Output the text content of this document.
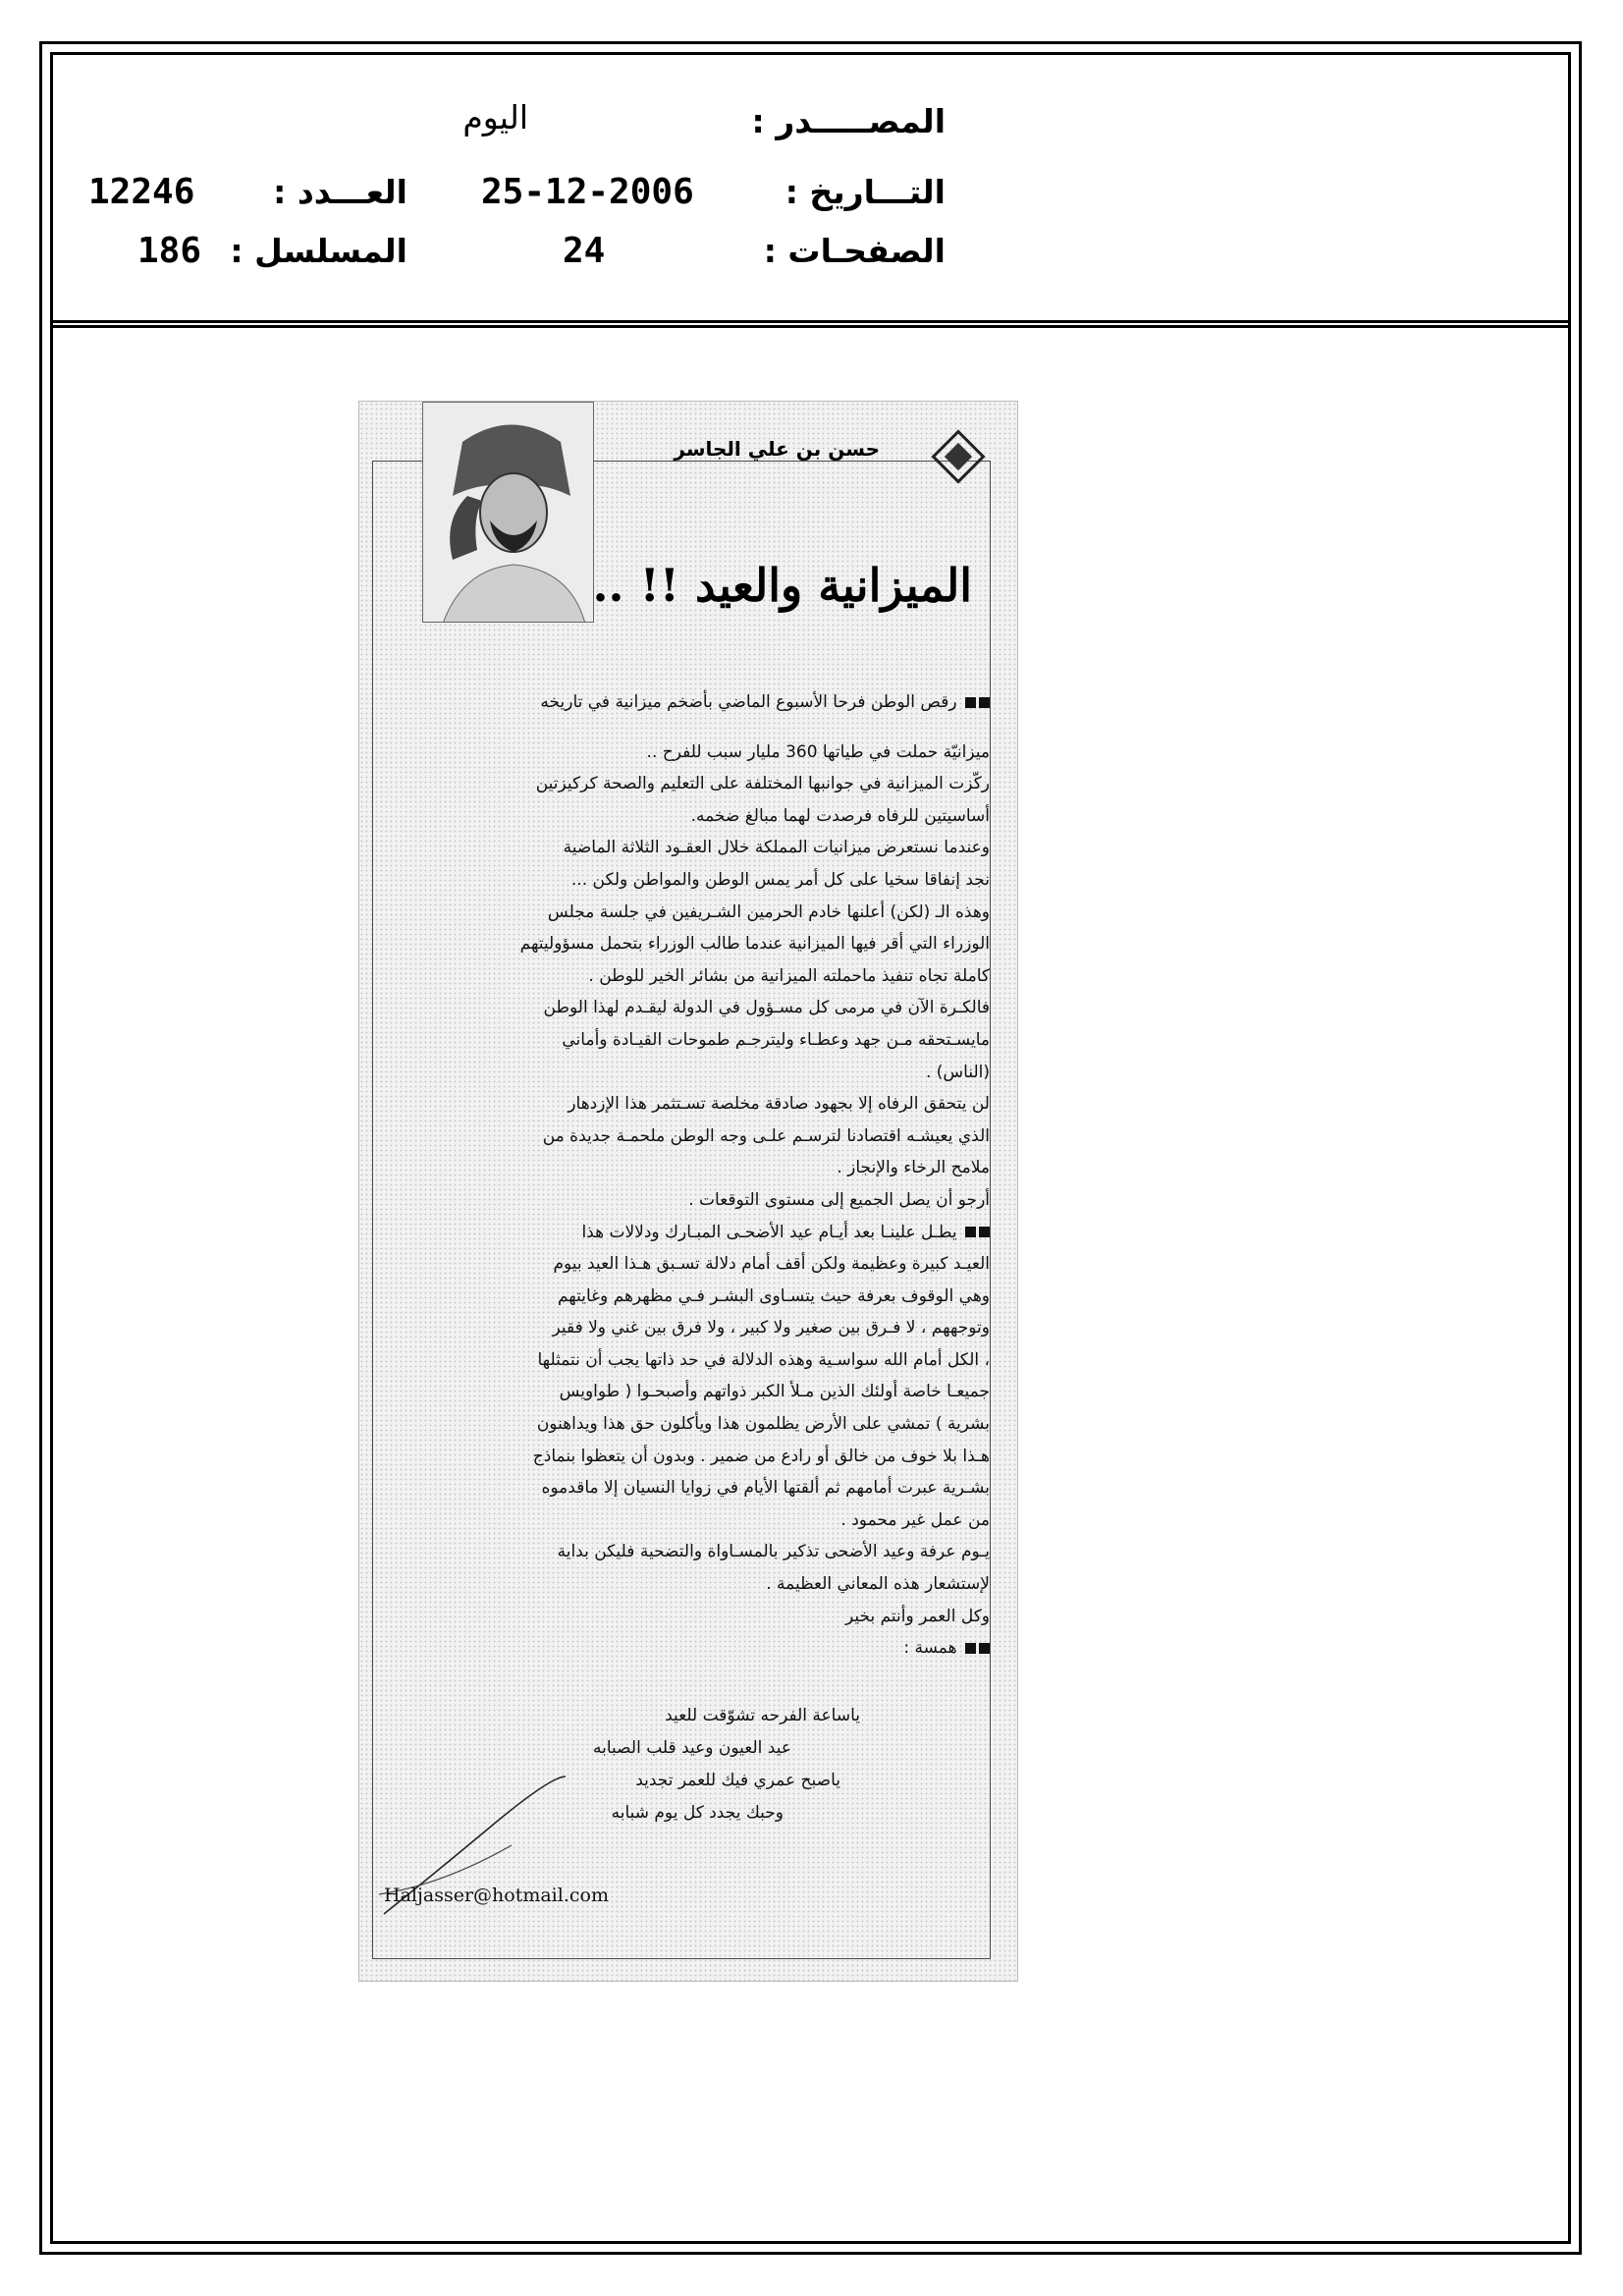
المصـــــدر :
اليوم
التـــاريخ :
25-12-2006
العـــدد :
12246
الصفحـات :
24
المسلسل :
186
حسن بن علي الجاسر
الميزانية والعيد !! ..
رقص الوطن فرحا الأسبوع الماضي بأضخم ميزانية في تاريخه
ميزانيّة حملت في طياتها 360 مليار سبب للفرح ..
ركّزت الميزانية في جوانبها المختلفة على التعليم والصحة كركيزتين
أساسيتين للرفاه فرصدت لهما مبالغ ضخمه.
وعندما نستعرض ميزانيات المملكة خلال العقـود الثلاثة الماضية
نجد إنفاقا سخيا على كل أمر يمس الوطن والمواطن ولكن ...
وهذه الـ (لكن) أعلنها خادم الحرمين الشـريفين في جلسة مجلس
الوزراء التي أقر فيها الميزانية عندما طالب الوزراء بتحمل مسؤوليتهم
كاملة تجاه تنفيذ ماحملته الميزانية من بشائر الخير للوطن .
فالكـرة الآن في مرمى كل مسـؤول في الدولة ليقـدم لهذا الوطن
مايسـتحقه مـن جهد وعطـاء وليترجـم طموحات القيـادة وأماني
(الناس) .
لن يتحقق الرفاه إلا بجهود صادقة مخلصة تسـتثمر هذا الإزدهار
الذي يعيشـه اقتصادنا لترسـم علـى وجه الوطن ملحمـة جديدة من
ملامح الرخاء والإنجاز .
أرجو أن يصل الجميع إلى مستوى التوقعات .
يطـل علينـا بعد أيـام عيد الأضحـى المبـارك ودلالات هذا
العيـد كبيرة وعظيمة ولكن أقف أمام دلالة تسـبق هـذا العيد بيوم
وهي الوقوف بعرفة حيث يتسـاوى البشـر فـي مظهرهم وغايتهم
وتوجههم ، لا فـرق بين صغير ولا كبير ، ولا فرق بين غني ولا فقير
، الكل أمام الله سواسـية وهذه الدلالة في حد ذاتها يجب أن نتمثلها
جميعـا خاصة أولئك الذين مـلأ الكبر ذواتهم وأصبحـوا ( طواويس
بشرية ) تمشي على الأرض يظلمون هذا ويأكلون حق هذا ويداهنون
هـذا بلا خوف من خالق أو رادع من ضمير . وبدون أن يتعظوا بنماذج
بشـرية عبرت أمامهم ثم ألقتها الأيام في زوايا النسيان إلا ماقدموه
من عمل غير محمود .
يـوم عرفة وعيد الأضحى تذكير بالمسـاواة والتضحية فليكن بداية
لإستشعار هذه المعاني العظيمة .
وكل العمر وأنتم بخير
همسة :
ياساعة الفرحه تشوّقت للعيد
عيد العيون وعيد قلب الصبابه
ياصبح عمري فيك للعمر تجديد
وحبك يجدد كل يوم شبابه
Haljasser@hotmail.com
